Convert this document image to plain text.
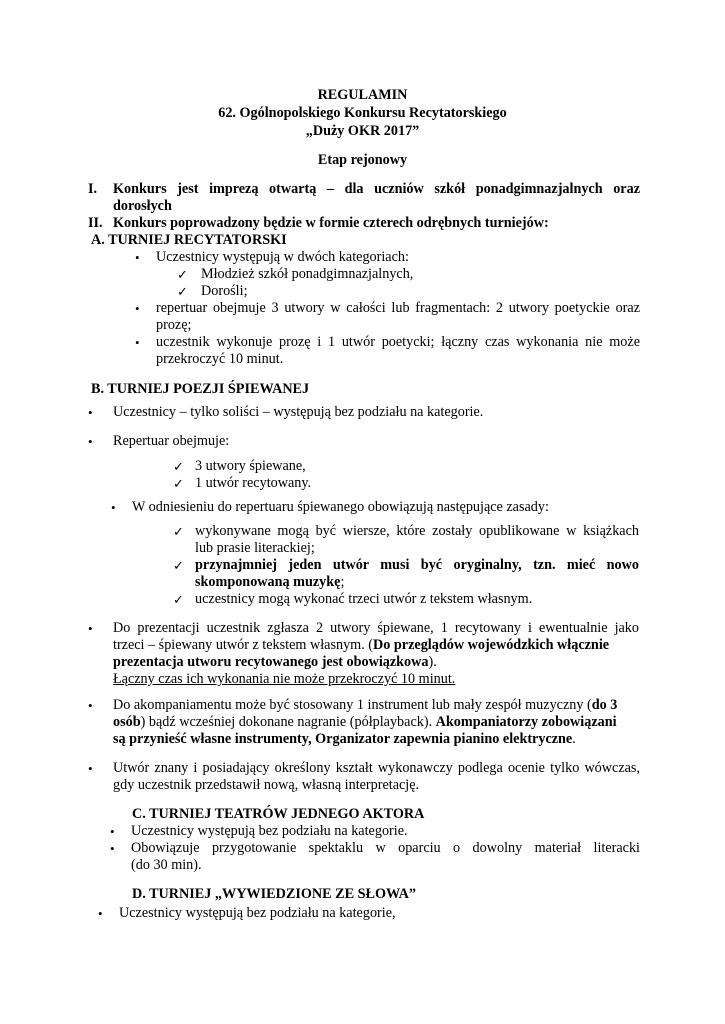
REGULAMIN
62. Ogólnopolskiego Konkursu Recytatorskiego
„Duży OKR 2017”
Etap rejonowy
I. Konkurs jest imprezą otwartą – dla uczniów szkół ponadgimnazjalnych oraz
dorosłych
II. Konkurs poprowadzony będzie w formie czterech odrębnych turniejów:
A. TURNIEJ RECYTATORSKI
• Uczestnicy występują w dwóch kategoriach:
✓ Młodzież szkół ponadgimnazjalnych,
✓ Dorośli;
• repertuar obejmuje 3 utwory w całości lub fragmentach: 2 utwory poetyckie oraz
prozę;
• uczestnik wykonuje prozę i 1 utwór poetycki; łączny czas wykonania nie może
przekroczyć 10 minut.
B. TURNIEJ POEZJI ŚPIEWANEJ
• Uczestnicy – tylko soliści – występują bez podziału na kategorie.
• Repertuar obejmuje:
✓ 3 utwory śpiewane,
✓ 1 utwór recytowany.
• W odniesieniu do repertuaru śpiewanego obowiązują następujące zasady:
✓ wykonywane mogą być wiersze, które zostały opublikowane w książkach
lub prasie literackiej;
✓ przynajmniej jeden utwór musi być oryginalny, tzn. mieć nowo
skomponowaną muzykę;
✓ uczestnicy mogą wykonać trzeci utwór z tekstem własnym.
• Do prezentacji uczestnik zgłasza 2 utwory śpiewane, 1 recytowany i ewentualnie jako
trzeci – śpiewany utwór z tekstem własnym. (Do przeglądów wojewódzkich włącznie
prezentacja utworu recytowanego jest obowiązkowa).
Łączny czas ich wykonania nie może przekroczyć 10 minut.
• Do akompaniamentu może być stosowany 1 instrument lub mały zespół muzyczny (do 3
osób) bądź wcześniej dokonane nagranie (półplayback). Akompaniatorzy zobowiązani
są przynieść własne instrumenty, Organizator zapewnia pianino elektryczne.
• Utwór znany i posiadający określony kształt wykonawczy podlega ocenie tylko wówczas,
gdy uczestnik przedstawił nową, własną interpretację.
C. TURNIEJ TEATRÓW JEDNEGO AKTORA
• Uczestnicy występują bez podziału na kategorie.
• Obowiązuje przygotowanie spektaklu w oparciu o dowolny materiał literacki
(do 30 min).
D. TURNIEJ „WYWIEDZIONE ZE SŁOWA”
• Uczestnicy występują bez podziału na kategorie,
